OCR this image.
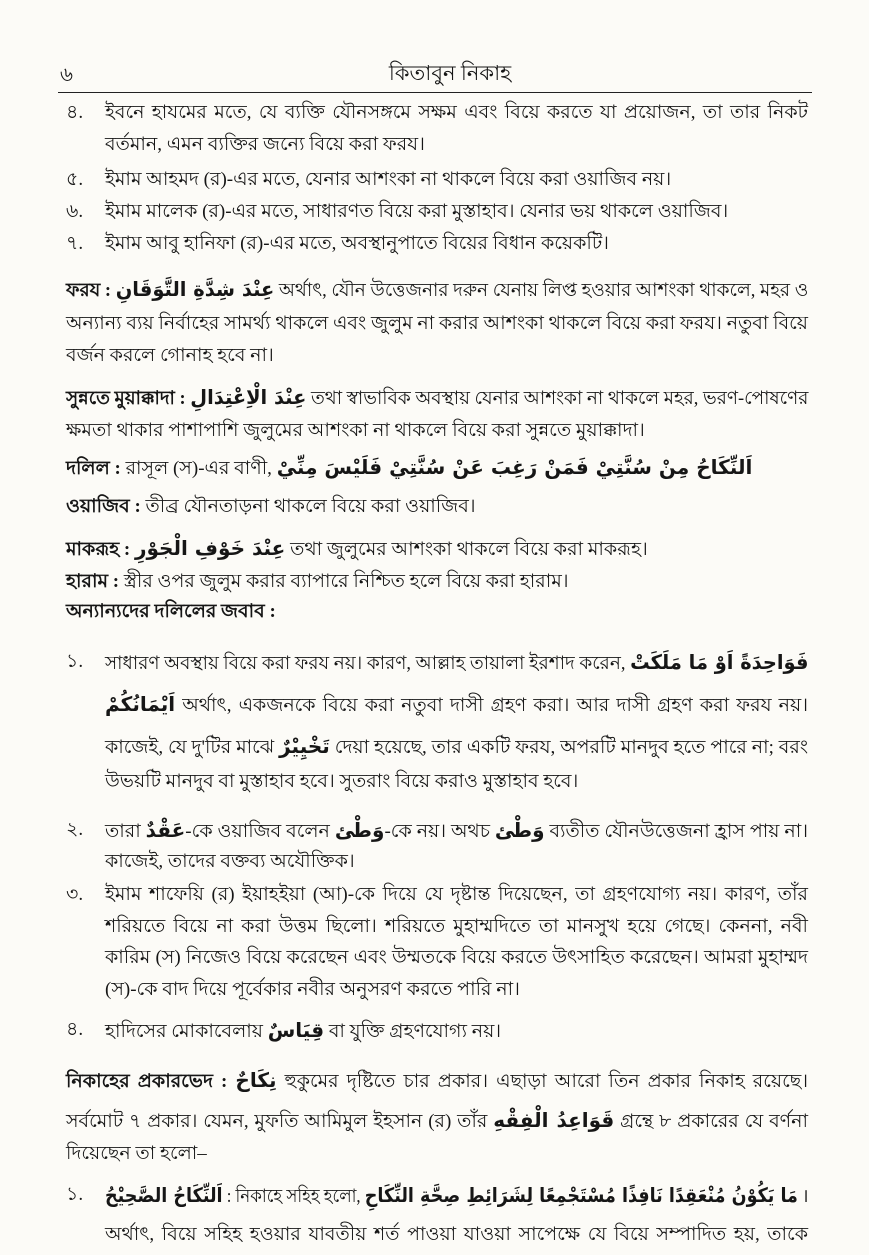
৬	কিতাবুন নিকাহ
৪.	ইবনে হাযমের মতে, যে ব্যক্তি যৌনসঙ্গমে সক্ষম এবং বিয়ে করতে যা প্রয়োজন, তা তার নিকট
বর্তমান, এমন ব্যক্তির জন্যে বিয়ে করা ফরয।
৫.	ইমাম আহমদ (র)-এর মতে, যেনার আশংকা না থাকলে বিয়ে করা ওয়াজিব নয়।
৬.	ইমাম মালেক (র)-এর মতে, সাধারণত বিয়ে করা মুস্তাহাব। যেনার ভয় থাকলে ওয়াজিব।
৭.	ইমাম আবু হানিফা (র)-এর মতে, অবস্থানুপাতে বিয়ের বিধান কয়েকটি।
ফরয : عِنْدَ شِدَّةِ التَّوَقَانِ অর্থাৎ, যৌন উত্তেজনার দরুন যেনায় লিপ্ত হওয়ার আশংকা থাকলে, মহর ও
অন্যান্য ব্যয় নির্বাহের সামর্থ্য থাকলে এবং জুলুম না করার আশংকা থাকলে বিয়ে করা ফরয। নতুবা বিয়ে
বর্জন করলে গোনাহ হবে না।
সুন্নতে মুয়াক্কাদা : عِنْدَ الْاِعْتِدَالِ তথা স্বাভাবিক অবস্থায় যেনার আশংকা না থাকলে মহর, ভরণ-পোষণের
ক্ষমতা থাকার পাশাপাশি জুলুমের আশংকা না থাকলে বিয়ে করা সুন্নতে মুয়াক্কাদা।
দলিল : রাসূল (স)-এর বাণী, اَلنِّكَاحُ مِنْ سُنَّتِيْ فَمَنْ رَغِبَ عَنْ سُنَّتِيْ فَلَيْسَ مِنِّيْ
ওয়াজিব : তীব্র যৌনতাড়না থাকলে বিয়ে করা ওয়াজিব।
মাকরূহ : عِنْدَ خَوْفِ الْجَوْرِ তথা জুলুমের আশংকা থাকলে বিয়ে করা মাকরূহ।
হারাম : স্ত্রীর ওপর জুলুম করার ব্যাপারে নিশ্চিত হলে বিয়ে করা হারাম।
অন্যান্যদের দলিলের জবাব :
১.	সাধারণ অবস্থায় বিয়ে করা ফরয নয়। কারণ, আল্লাহ তায়ালা ইরশাদ করেন, فَوَاحِدَةً اَوْ مَا مَلَكَتْ
اَيْمَانُكُمْ অর্থাৎ, একজনকে বিয়ে করা নতুবা দাসী গ্রহণ করা। আর দাসী গ্রহণ করা ফরয নয়।
কাজেই, যে দু'টির মাঝে تَخْيِيْرٌ দেয়া হয়েছে, তার একটি ফরয, অপরটি মানদুব হতে পারে না; বরং
উভয়টি মানদুব বা মুস্তাহাব হবে। সুতরাং বিয়ে করাও মুস্তাহাব হবে।
২.	তারা عَقْدٌ-কে ওয়াজিব বলেন وَطْئ-কে নয়। অথচ وَطْئ ব্যতীত যৌনউত্তেজনা হ্রাস পায় না।
কাজেই, তাদের বক্তব্য অযৌক্তিক।
৩.	ইমাম শাফেয়ি (র) ইয়াহইয়া (আ)-কে দিয়ে যে দৃষ্টান্ত দিয়েছেন, তা গ্রহণযোগ্য নয়। কারণ, তাঁর
শরিয়তে বিয়ে না করা উত্তম ছিলো। শরিয়তে মুহাম্মদিতে তা মানসুখ হয়ে গেছে। কেননা, নবী
কারিম (স) নিজেও বিয়ে করেছেন এবং উম্মতকে বিয়ে করতে উৎসাহিত করেছেন। আমরা মুহাম্মদ
(স)-কে বাদ দিয়ে পূর্বেকার নবীর অনুসরণ করতে পারি না।
৪.	হাদিসের মোকাবেলায় قِيَاسٌ বা যুক্তি গ্রহণযোগ্য নয়।
নিকাহের প্রকারভেদ : نِكَاحٌ হুকুমের দৃষ্টিতে চার প্রকার। এছাড়া আরো তিন প্রকার নিকাহ রয়েছে।
সর্বমোট ৭ প্রকার। যেমন, মুফতি আমিমুল ইহসান (র) তাঁর قَوَاعِدُ الْفِقْهِ গ্রন্থে ৮ প্রকারের যে বর্ণনা
দিয়েছেন তা হলো–
১.	اَلنِّكَاحُ الصَّحِيْحُ : নিকাহে সহিহ হলো, مَا يَكُوْنُ مُنْعَقِدًا نَافِذًا مُسْتَجْمِعًا لِشَرَائِطِ صِحَّةِ النِّكَاحِ ।
অর্থাৎ, বিয়ে সহিহ হওয়ার যাবতীয় শর্ত পাওয়া যাওয়া সাপেক্ষে যে বিয়ে সম্পাদিত হয়, তাকে
